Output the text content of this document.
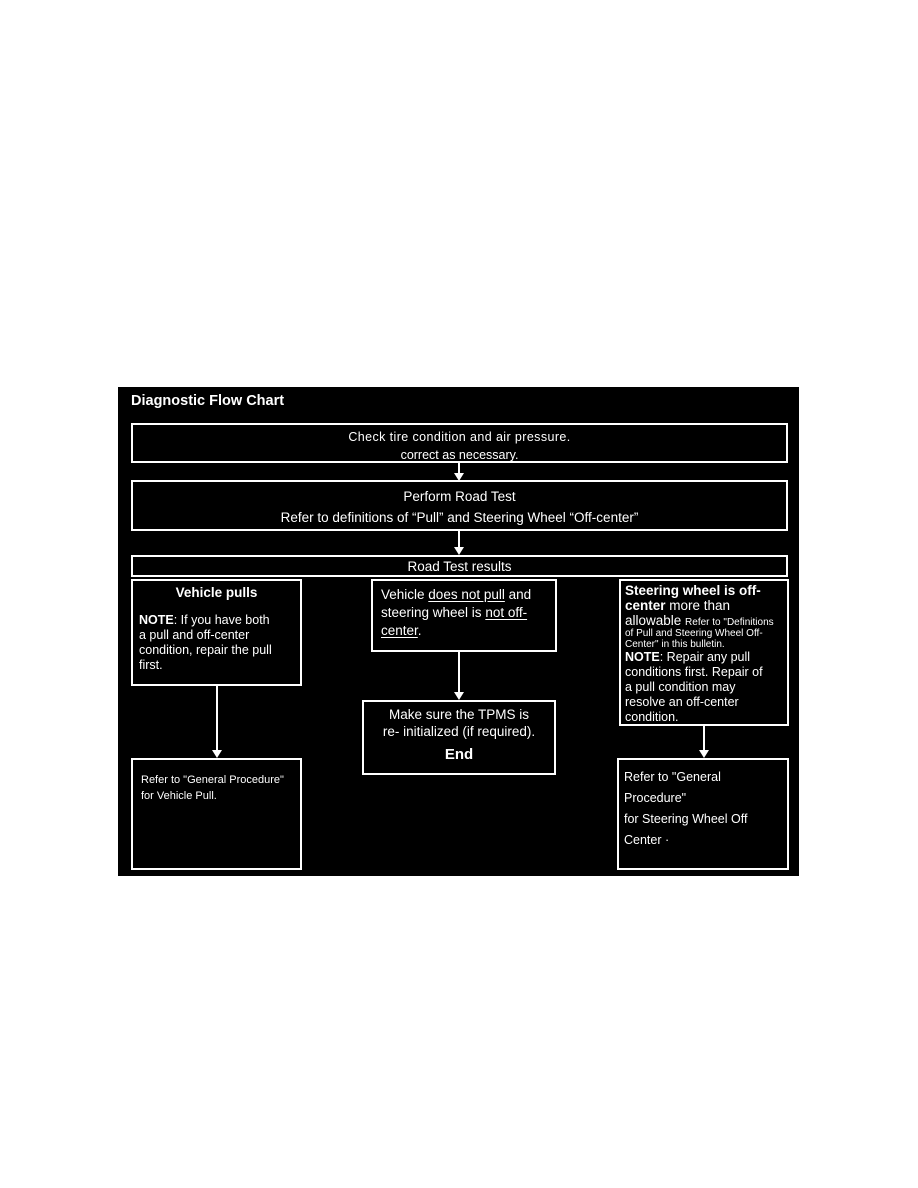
Diagnostic Flow Chart
Check tire condition and air pressure.
correct as necessary.
Perform Road Test
Refer to definitions of “Pull” and Steering Wheel “Off-center”
Road Test results
Vehicle pulls
NOTE: If you have both
a pull and off-center
condition, repair the pull
first.
Vehicle does not pull and steering wheel is not off-center.
Steering wheel is off-
center more than
allowable Refer to "Definitions
of Pull and Steering Wheel Off-
Center" in this bulletin.
NOTE: Repair any pull
conditions first. Repair of
a pull condition may
resolve an off-center
condition.
Make sure the TPMS is
re- initialized (if required).
End
Refer to "General Procedure"
for Vehicle Pull.
Refer to "General Procedure"
for Steering Wheel Off Center ·
